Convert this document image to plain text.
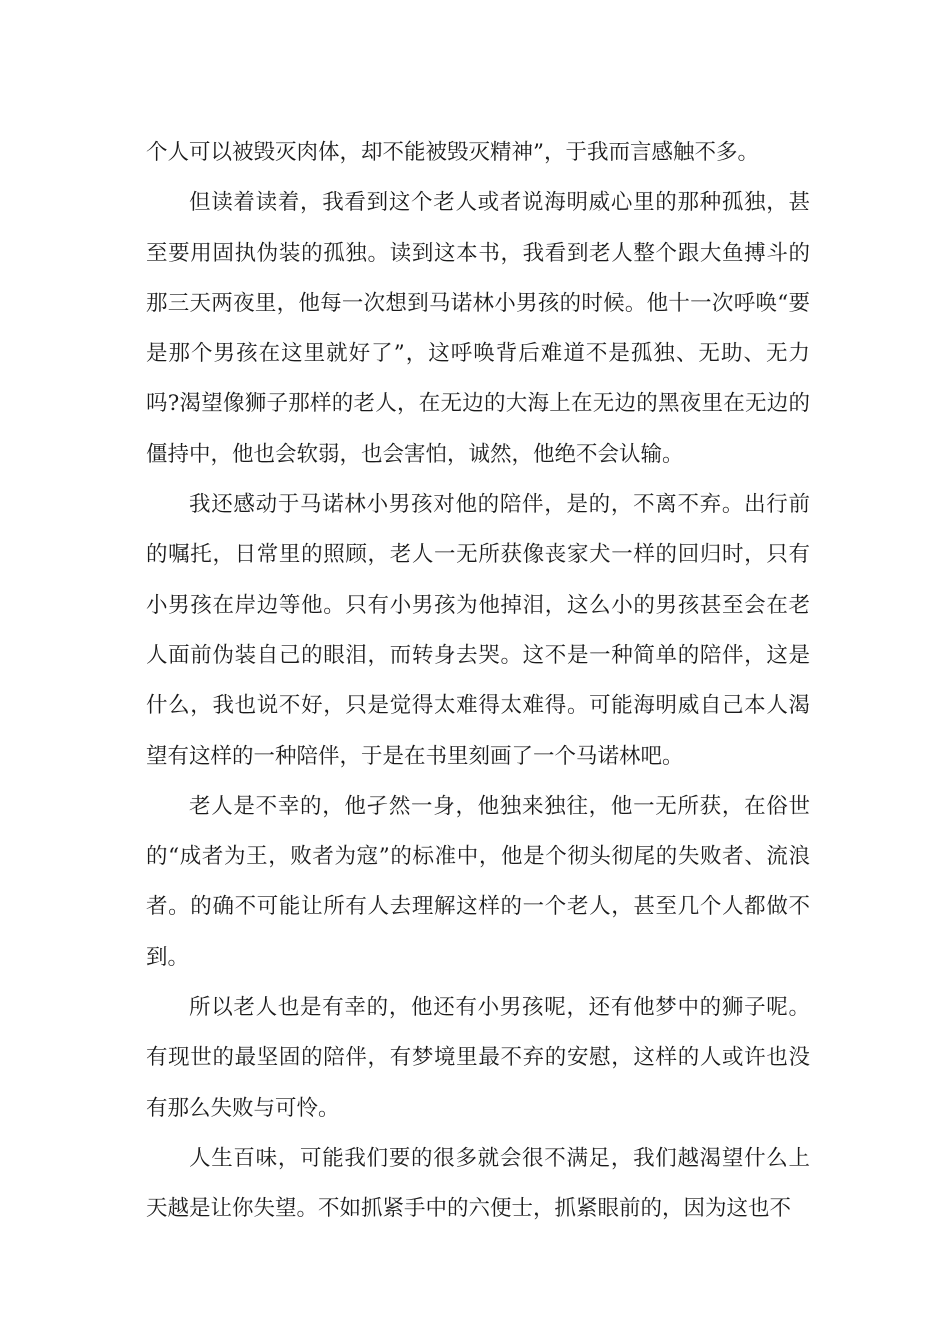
个人可以被毁灭肉体，却不能被毁灭精神”，于我而言感触不多。

但读着读着，我看到这个老人或者说海明威心里的那种孤独，甚至要用固执伪装的孤独。读到这本书，我看到老人整个跟大鱼搏斗的那三天两夜里，他每一次想到马诺林小男孩的时候。他十一次呼唤“要是那个男孩在这里就好了”，这呼唤背后难道不是孤独、无助、无力吗?渴望像狮子那样的老人，在无边的大海上在无边的黑夜里在无边的僵持中，他也会软弱，也会害怕，诚然，他绝不会认输。

我还感动于马诺林小男孩对他的陪伴，是的，不离不弃。出行前的嘱托，日常里的照顾，老人一无所获像丧家犬一样的回归时，只有小男孩在岸边等他。只有小男孩为他掉泪，这么小的男孩甚至会在老人面前伪装自己的眼泪，而转身去哭。这不是一种简单的陪伴，这是什么，我也说不好，只是觉得太难得太难得。可能海明威自己本人渴望有这样的一种陪伴，于是在书里刻画了一个马诺林吧。

老人是不幸的，他孑然一身，他独来独往，他一无所获，在俗世的“成者为王，败者为寇”的标准中，他是个彻头彻尾的失败者、流浪者。的确不可能让所有人去理解这样的一个老人，甚至几个人都做不到。

所以老人也是有幸的，他还有小男孩呢，还有他梦中的狮子呢。有现世的最坚固的陪伴，有梦境里最不弃的安慰，这样的人或许也没有那么失败与可怜。

人生百味，可能我们要的很多就会很不满足，我们越渴望什么上天越是让你失望。不如抓紧手中的六便士，抓紧眼前的，因为这也不
